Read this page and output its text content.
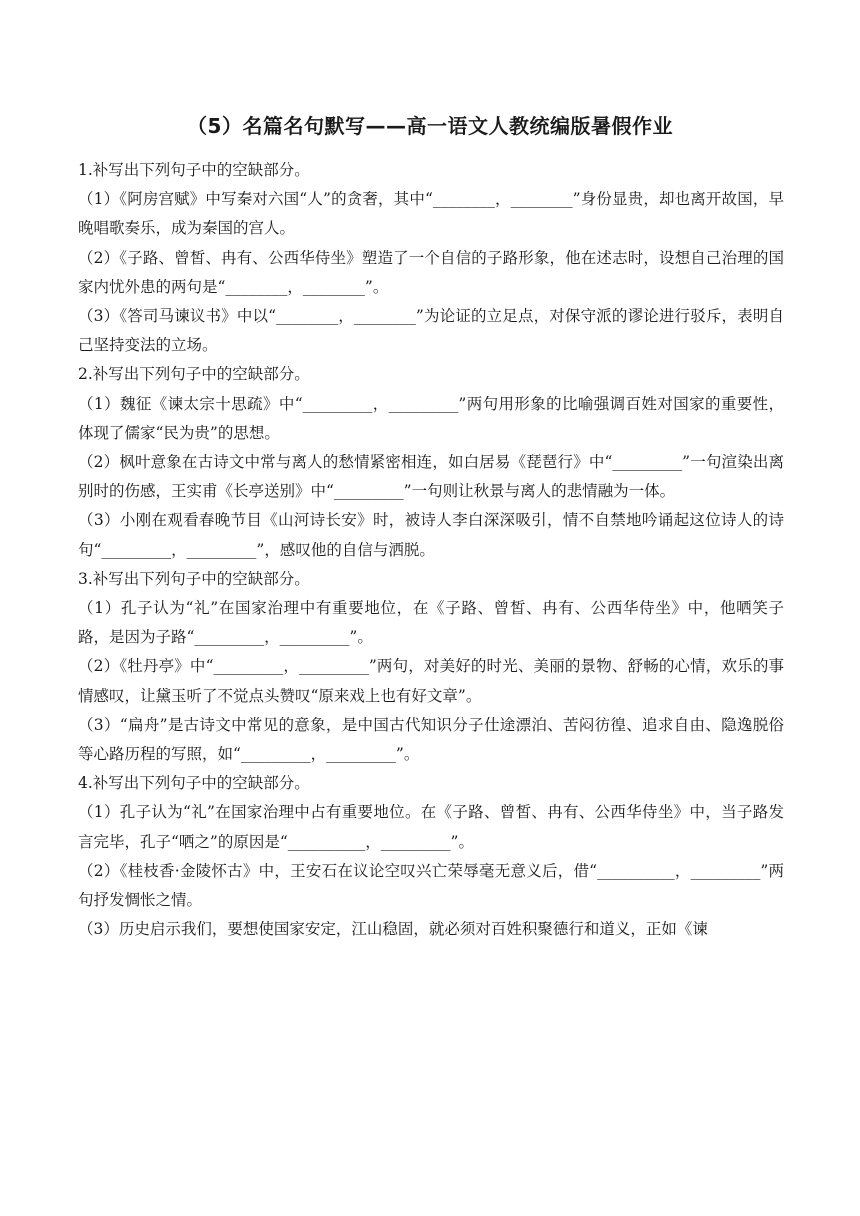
（5）名篇名句默写——高一语文人教统编版暑假作业

1.补写出下列句子中的空缺部分。

（1）《阿房宫赋》中写秦对六国“人”的贪奢，其中“________，________”身份显贵，却也离开故国，早晚唱歌奏乐，成为秦国的宫人。

（2）《子路、曾皙、冉有、公西华侍坐》塑造了一个自信的子路形象，他在述志时，设想自己治理的国家内忧外患的两句是“________，________”。

（3）《答司马谏议书》中以“________，________”为论证的立足点，对保守派的谬论进行驳斥，表明自己坚持变法的立场。

2.补写出下列句子中的空缺部分。

（1）魏征《谏太宗十思疏》中“_________，_________”两句用形象的比喻强调百姓对国家的重要性，体现了儒家“民为贵”的思想。

（2）枫叶意象在古诗文中常与离人的愁情紧密相连，如白居易《琵琶行》中“_________”一句渲染出离别时的伤感，王实甫《长亭送别》中“_________”一句则让秋景与离人的悲情融为一体。

（3）小刚在观看春晚节目《山河诗长安》时，被诗人李白深深吸引，情不自禁地吟诵起这位诗人的诗句“_________，_________”，感叹他的自信与洒脱。

3.补写出下列句子中的空缺部分。

（1）孔子认为“礼”在国家治理中有重要地位，在《子路、曾皙、冉有、公西华侍坐》中，他哂笑子路，是因为子路“_________，_________”。

（2）《牡丹亭》中“_________，_________”两句，对美好的时光、美丽的景物、舒畅的心情，欢乐的事情感叹，让黛玉听了不觉点头赞叹“原来戏上也有好文章”。

（3）“扁舟”是古诗文中常见的意象，是中国古代知识分子仕途漂泊、苦闷彷徨、追求自由、隐逸脱俗等心路历程的写照，如“_________，_________”。

4.补写出下列句子中的空缺部分。

（1）孔子认为“礼”在国家治理中占有重要地位。在《子路、曾皙、冉有、公西华侍坐》中，当子路发言完毕，孔子“哂之”的原因是“__________，_________”。

（2）《桂枝香·金陵怀古》中，王安石在议论空叹兴亡荣辱毫无意义后，借“__________，_________”两句抒发惆怅之情。

（3）历史启示我们，要想使国家安定，江山稳固，就必须对百姓积聚德行和道义，正如《谏
